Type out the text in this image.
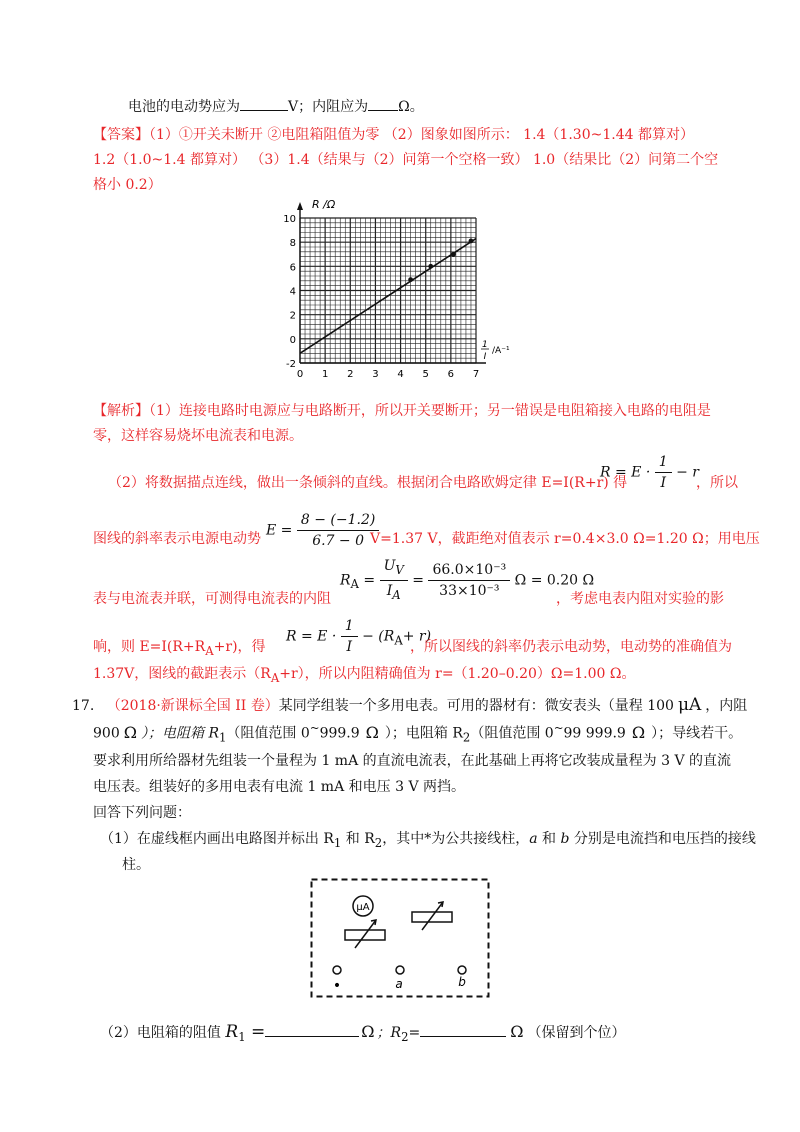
电池的电动势应为	V；内阻应为 Ω。
【答案】（1）①开关未断开 ②电阻箱阻值为零 （2）图象如图所示： 1.4（1.30~1.44 都算对）
1.2（1.0~1.4 都算对） （3）1.4（结果与（2）问第一个空格一致） 1.0（结果比（2）问第二个空
格小 0.2）
0 1 2 3 4 5 6 7
10
8
6
4
2
0
-2
I
/A⁻¹
R /Ω
1
【解析】（1）连接电路时电源应与电路断开，所以开关要断开；另一错误是电阻箱接入电路的电阻是
零，这样容易烧坏电流表和电源。
（2）将数据描点连线，做出一条倾斜的直线。根据闭合电路欧姆定律 E=I(R+r) 得
$R = E \cdot \frac{1}{I} - r$
，所以
$E = \frac{8 - (-1.2)}{6.7 - 0}$
图线的斜率表示电源电动势	V=1.37 V，截距绝对值表示 r=0.4×3.0 Ω=1.20 Ω；用电压
$R_A = \frac{U_V}{I_A} = \frac{\text{66.0×10⁻³}}{\text{33×10⁻³}}$ Ω = 0.20 Ω
表与电流表并联，可测得电流表的内阻	，考虑电表内阻对实验的影
响，则 $E=I(R+R_A+r)$，得
$R = E \cdot \frac{1}{I} - (R_A+ r)$
，所以图线的斜率仍表示电动势，电动势的准确值为
1.37V，图线的截距表示$(R_A+r)$，所以内阻精确值为 r=（1.20–0.20）Ω=1.00 Ω。
17. （2018·新课标全国 II 卷）某同学组装一个多用电表。可用的器材有：微安表头（量程 100 μA ，内阻
900 Ω ）；电阻箱 $R_1$（阻值范围 0~999.9 Ω ）；电阻箱 $R_2$（阻值范围 0~99 999.9 Ω ）；导线若干。
要求利用所给器材先组装一个量程为 1 mA 的直流电流表，在此基础上再将它改装成量程为 3 V 的直流
电压表。组装好的多用电表有电流 1 mA 和电压 3 V 两挡。
回答下列问题：
（1）在虚线框内画出电路图并标出 $R_1$ 和 $R_2$，其中*为公共接线柱，a 和 b 分别是电流挡和电压挡的接线
柱。
μA
•	a	b
（2）电阻箱的阻值 $R_1$ =	Ω ；$R_2=$	Ω （保留到个位）
